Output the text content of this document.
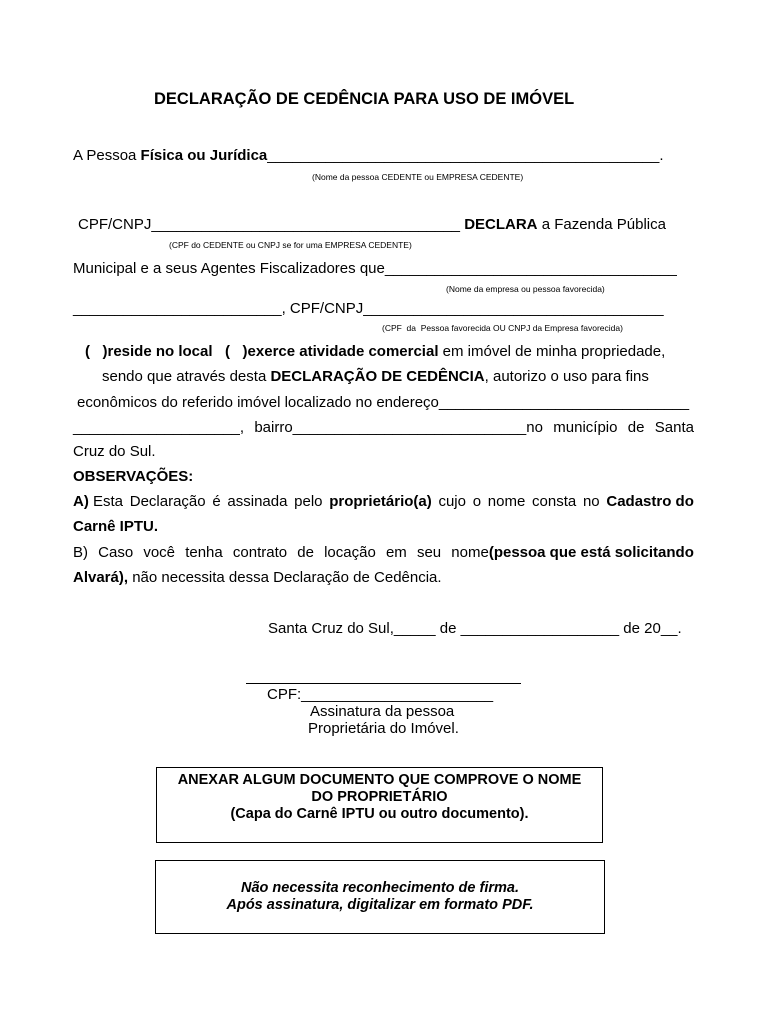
DECLARAÇÃO DE CEDÊNCIA PARA USO DE IMÓVEL
A Pessoa Física ou Jurídica_______________________________________________.
(Nome da pessoa CEDENTE ou EMPRESA CEDENTE)
CPF/CNPJ_____________________________________ DECLARA a Fazenda Pública
(CPF do CEDENTE ou CNPJ se for uma EMPRESA CEDENTE)
Municipal e a seus Agentes Fiscalizadores que___________________________________
(Nome da empresa ou pessoa favorecida)
_________________________, CPF/CNPJ____________________________________
(CPF  da  Pessoa favorecida OU CNPJ da Empresa favorecida)
(   )reside no local (   )exerce atividade comercial em imóvel de minha propriedade,
sendo que através desta DECLARAÇÃO DE CEDÊNCIA, autorizo o uso para fins
econômicos do referido imóvel localizado no endereço______________________________
____________________, bairro____________________________no município de Santa
Cruz do Sul.
OBSERVAÇÕES:
A) Esta Declaração é assinada pelo proprietário(a) cujo o nome consta no Cadastro do
Carnê IPTU.
B) Caso você tenha contrato de locação em seu nome(pessoa que está solicitando
Alvará), não necessita dessa Declaração de Cedência.
Santa Cruz do Sul,_____ de ___________________ de 20__.
CPF:_______________________
Assinatura da pessoa
Proprietária do Imóvel.
ANEXAR ALGUM DOCUMENTO QUE COMPROVE O NOME
DO PROPRIETÁRIO
(Capa do Carnê IPTU ou outro documento).
Não necessita reconhecimento de firma.
Após assinatura, digitalizar em formato PDF.
